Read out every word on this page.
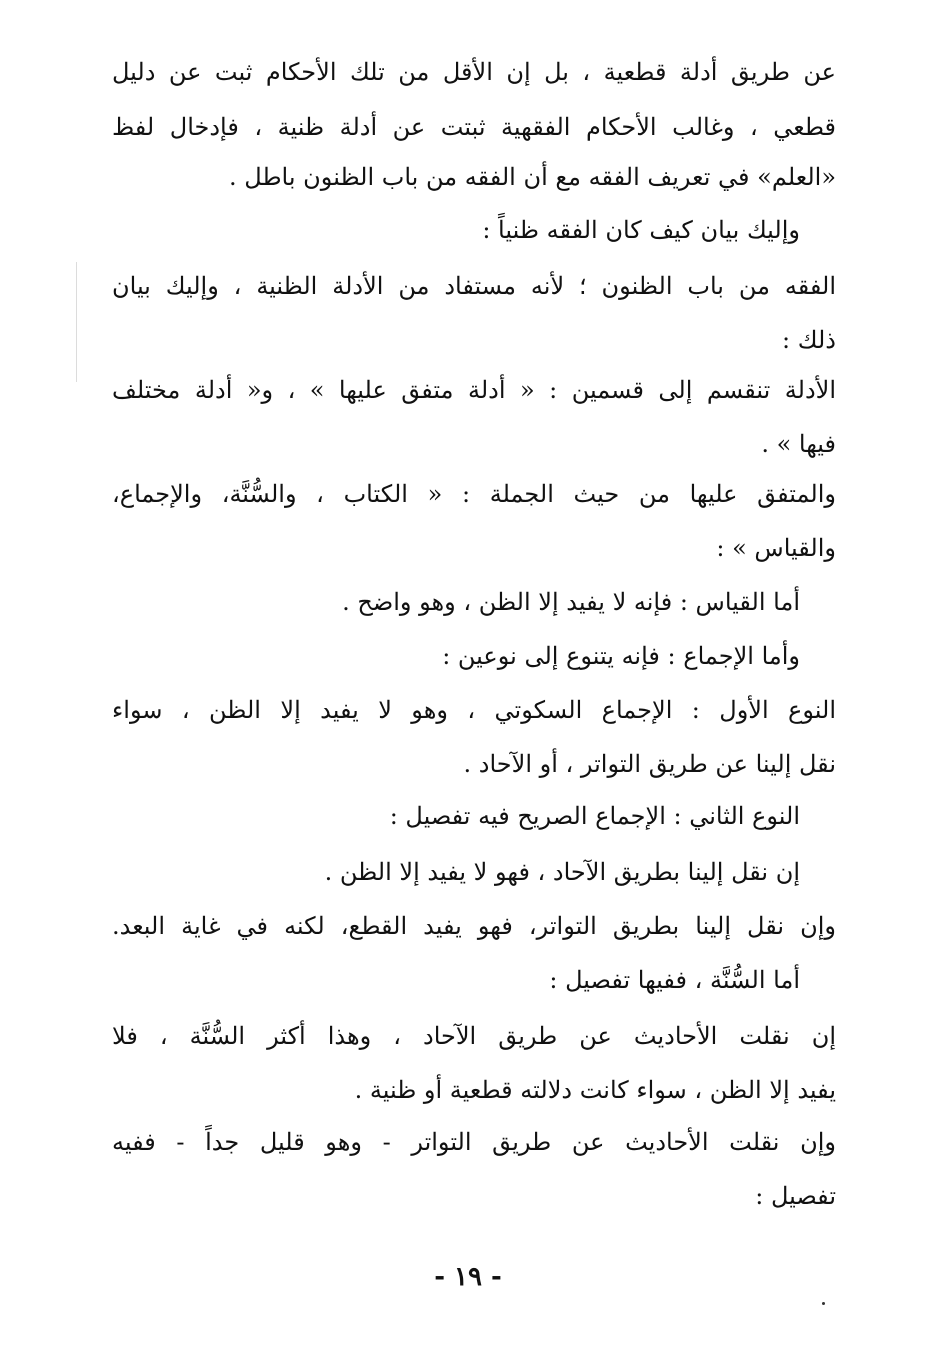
عن طريق أدلة قطعية ، بل إن الأقل من تلك الأحكام ثبت عن دليل
قطعي ، وغالب الأحكام الفقهية ثبتت عن أدلة ظنية ، فإدخال لفظ
«العلم» في تعريف الفقه مع أن الفقه من باب الظنون باطل .
وإليك بيان كيف كان الفقه ظنياً :
الفقه من باب الظنون ؛ لأنه مستفاد من الأدلة الظنية ، وإليك بيان
ذلك :
الأدلة تنقسم إلى قسمين : « أدلة متفق عليها » ، و« أدلة مختلف
فيها » .
والمتفق عليها من حيث الجملة : « الكتاب ، والسُّنَّة، والإجماع،
والقياس » :
أما القياس : فإنه لا يفيد إلا الظن ، وهو واضح .
وأما الإجماع : فإنه يتنوع إلى نوعين :
النوع الأول : الإجماع السكوتي ، وهو لا يفيد إلا الظن ، سواء
نقل إلينا عن طريق التواتر ، أو الآحاد .
النوع الثاني : الإجماع الصريح فيه تفصيل :
إن نقل إلينا بطريق الآحاد ، فهو لا يفيد إلا الظن .
وإن نقل إلينا بطريق التواتر، فهو يفيد القطع، لكنه في غاية البعد.
أما السُّنَّة ، ففيها تفصيل :
إن نقلت الأحاديث عن طريق الآحاد ، وهذا أكثر السُّنَّة ، فلا
يفيد إلا الظن ، سواء كانت دلالته قطعية أو ظنية .
وإن نقلت الأحاديث عن طريق التواتر - وهو قليل جداً - ففيه
تفصيل :
- ١٩ -
